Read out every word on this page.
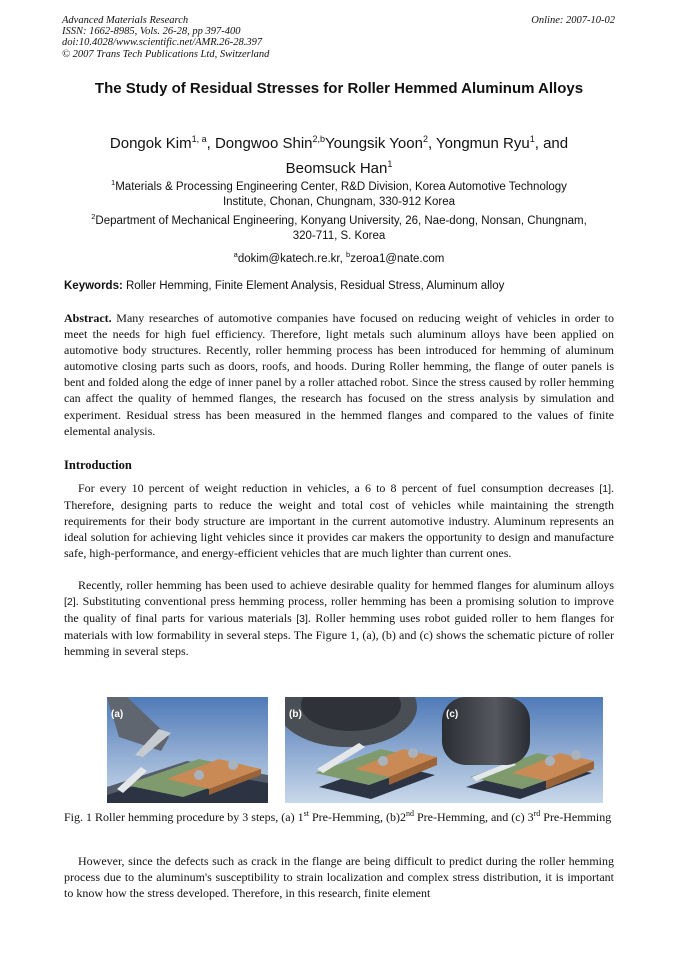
Advanced Materials Research
ISSN: 1662-8985, Vols. 26-28, pp 397-400
doi:10.4028/www.scientific.net/AMR.26-28.397
© 2007 Trans Tech Publications Ltd, Switzerland
Online: 2007-10-02
The Study of Residual Stresses for Roller Hemmed Aluminum Alloys
Dongok Kim$^{1, a}$, Dongwoo Shin$^{2,b}$Youngsik Yoon$^2$, Yongmun Ryu$^1$, and
Beomsuck Han$^1$
$^1$Materials & Processing Engineering Center, R&D Division, Korea Automotive Technology
Institute, Chonan, Chungnam, 330-912 Korea
$^2$Department of Mechanical Engineering, Konyang University, 26, Nae-dong, Nonsan, Chungnam,
320-711, S. Korea
$^a$dokim@katech.re.kr, $^b$zeroa1@nate.com
Keywords: Roller Hemming, Finite Element Analysis, Residual Stress, Aluminum alloy
Abstract. Many researches of automotive companies have focused on reducing weight of vehicles in order to meet the needs for high fuel efficiency. Therefore, light metals such aluminum alloys have been applied on automotive body structures. Recently, roller hemming process has been introduced for hemming of aluminum automotive closing parts such as doors, roofs, and hoods. During Roller hemming, the flange of outer panels is bent and folded along the edge of inner panel by a roller attached robot. Since the stress caused by roller hemming can affect the quality of hemmed flanges, the research has focused on the stress analysis by simulation and experiment. Residual stress has been measured in the hemmed flanges and compared to the values of finite elemental analysis.
Introduction
For every 10 percent of weight reduction in vehicles, a 6 to 8 percent of fuel consumption decreases [1]. Therefore, designing parts to reduce the weight and total cost of vehicles while maintaining the strength requirements for their body structure are important in the current automotive industry. Aluminum represents an ideal solution for achieving light vehicles since it provides car makers the opportunity to design and manufacture safe, high-performance, and energy-efficient vehicles that are much lighter than current ones.
Recently, roller hemming has been used to achieve desirable quality for hemmed flanges for aluminum alloys [2]. Substituting conventional press hemming process, roller hemming has been a promising solution to improve the quality of final parts for various materials [3]. Roller hemming uses robot guided roller to hem flanges for materials with low formability in several steps. The Figure 1, (a), (b) and (c) shows the schematic picture of roller hemming in several steps.
(a)	(b)	(c)
Fig. 1 Roller hemming procedure by 3 steps, (a) 1st Pre-Hemming, (b)2nd Pre-Hemming, and (c) 3rd Pre-Hemming
However, since the defects such as crack in the flange are being difficult to predict during the roller hemming process due to the aluminum's susceptibility to strain localization and complex stress distribution, it is important to know how the stress developed. Therefore, in this research, finite element
